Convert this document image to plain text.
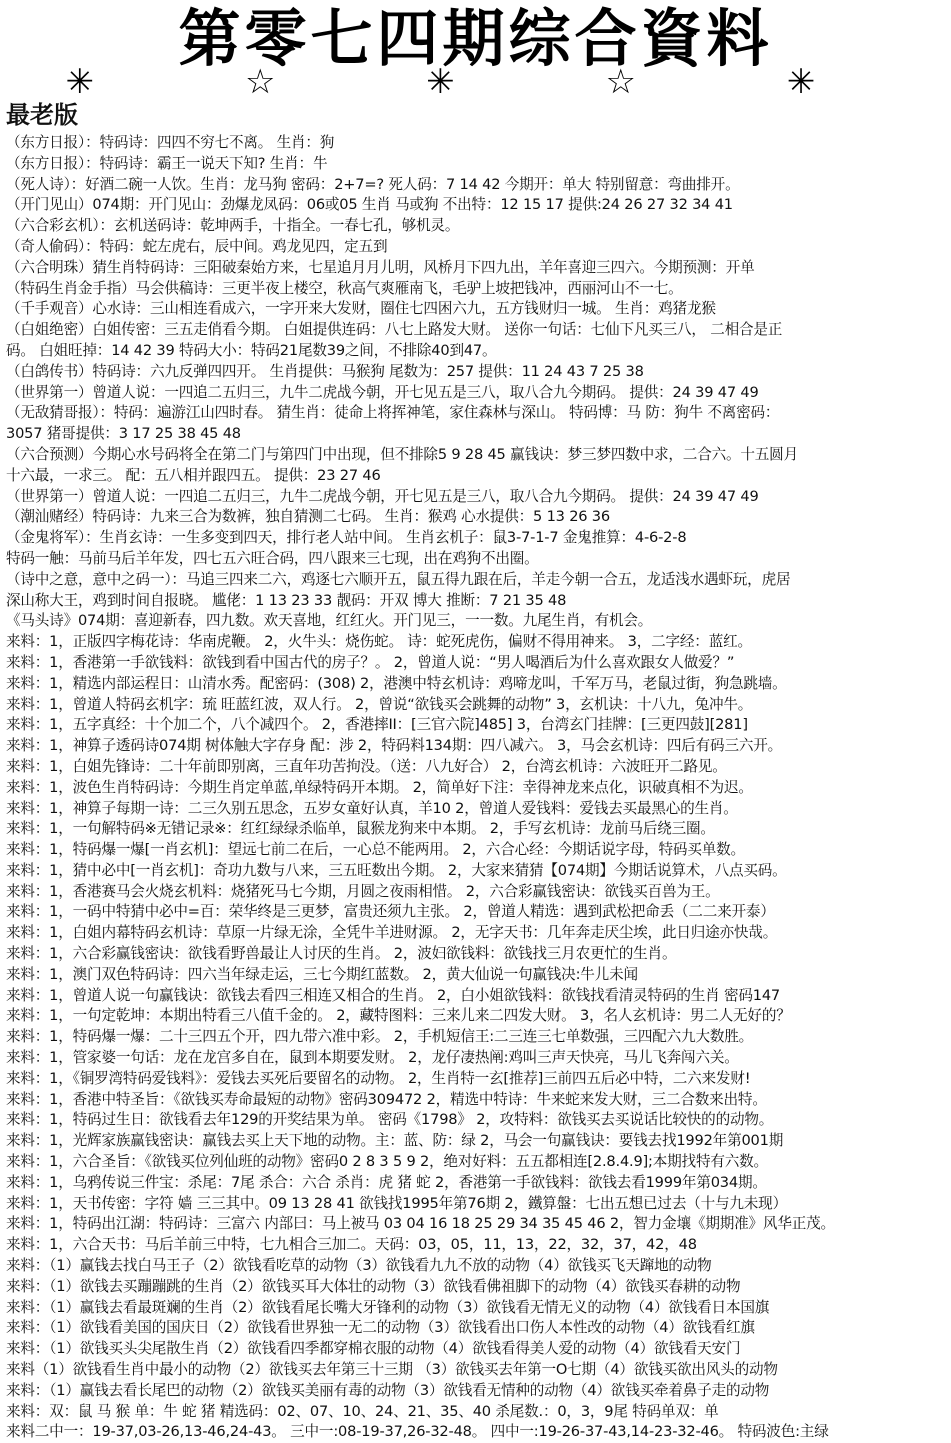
第零七四期综合資料
✳ ☆ ✳ ☆ ✳
最老版
（东方日报）：特码诗：四四不穷七不离。 生肖：狗
（东方日报）：特码诗：霸王一说天下知? 生肖：牛
（死人诗）：好酒二碗一人饮。生肖：龙马狗 密码：2+7=? 死人码：7 14 42 今期开：单大 特别留意：弯曲排开。
（开门见山）074期：开门见山：劲爆龙凤码：06或05 生肖 马或狗 不出特：12 15 17 提供:24 26 27 32 34 41
（六合彩玄机）：玄机送码诗：乾坤两手，十指全。一春七孔，够机灵。
（奇人偷码）：特码：蛇左虎右，辰中间。鸡龙见四，定五到
（六合明珠）猜生肖特码诗：三阳破秦始方来，七星追月月儿明，风桥月下四九出，羊年喜迎三四六。今期预测：开单
（特码生肖金手指）马会供稿诗：三更半夜上楼空，秋高气爽雁南飞，毛驴上坡把钱冲，西丽河山不一七。
（千手观音）心水诗：三山相连看成六，一字开来大发财，圈住七四困六九，五方钱财归一城。 生肖：鸡猪龙猴
（白姐绝密）白姐传密：三五走俏看今期。 白姐提供连码：八七上路发大财。 送你一句话：七仙下凡买三八， 二相合是正
码。 白姐旺掉：14 42 39 特码大小：特码21尾数39之间，不排除40到47。
（白鸽传书）特码诗：六九反弹四四开。 生肖提供：马猴狗 尾数为：257 提供：11 24 43 7 25 38
（世界第一）曾道人说：一四追二五归三，九牛二虎战今朝，开七见五是三八，取八合九今期码。 提供：24 39 47 49
（无敌猜哥报）：特码：遍游江山四时春。 猜生肖：徒命上将挥神笔，家住森林与深山。 特码博：马 防：狗牛 不离密码：
3057 猪哥提供：3 17 25 38 45 48
（六合预测）今期心水号码将全在第二门与第四门中出现，但不排除5 9 28 45 赢钱诀：梦三梦四数中求，二合六。十五圆月
十六最，一求三。 配：五八相并跟四五。 提供：23 27 46
（世界第一）曾道人说：一四追二五归三，九牛二虎战今朝，开七见五是三八，取八合九今期码。 提供：24 39 47 49
（潮汕赌经）特码诗：九来三合为数裤，独自猜测二七码。 生肖：猴鸡 心水提供：5 13 26 36
（金鬼将军）：生肖玄诗：一生多变到四天，排行老人站中间。 生肖玄机子：鼠3-7-1-7 金鬼推算：4-6-2-8
特码一触：马前马后羊年发，四七五六旺合码，四八跟来三七现，出在鸡狗不出圈。
（诗中之意，意中之码一）：马追三四来二六，鸡逐七六顺开五，鼠五得九跟在后，羊走今朝一合五，龙适浅水遇虾玩，虎居
深山称大王，鸡到时间自报晓。 尴佬：1 13 23 33 靓码：开双 博大 推断：7 21 35 48
《马头诗》074期：喜迎新春，四九数。欢天喜地，红红火。开门见三，一一数。九尾生肖，有机会。
来料：1，正版四字梅花诗：华南虎鞭。 2，火牛头：烧伤蛇。 诗：蛇死虎伤，偏财不得用神来。 3，二字经：蓝红。
来料：1，香港第一手欲钱料：欲钱到看中国古代的房子？。 2，曾道人说：“男人喝酒后为什么喜欢跟女人做爱？”
来料：1，精选内部运程日：山清水秀。配密码：(308) 2，港澳中特玄机诗：鸡啼龙叫，千军万马，老鼠过街，狗急跳墙。
来料：1，曾道人特码玄机字：琉 旺蓝红波，双人行。 2，曾说“欲钱买会跳舞的动物” 3，玄机诀：十八九，兔冲牛。
来料：1，五字真经：十个加二个，八个减四个。 2，香港摔II：[三官六院]485] 3，台湾玄门挂牌：[三更四鼓][281]
来料：1，神算子透码诗074期 树体触大字存身 配：涉 2，特码料134期：四八减六。 3，马会玄机诗：四后有码三六开。
来料：1，白姐先锋诗：二十年前即别离，三直年功苦拘没。（送：八九好合） 2，台湾玄机诗：六波旺开二路见。
来料：1，波色生肖特码诗：今期生肖定单蓝,单绿特码开本期。 2，简单好下注：幸得神龙来点化，识破真相不为迟。
来料：1，神算子每期一诗：二三久别五思念，五岁女童好认真，羊10 2，曾道人爱钱料：爱钱去买最黑心的生肖。
来料：1，一句解特码※无错记录※：红红绿绿杀临单，鼠猴龙狗来中本期。 2，手写玄机诗：龙前马后绕三圈。
来料：1，特码爆一爆[一肖玄机]：望远七前二在后，一心总不能两用。 2，六合心经：今期话说字母，特码买单数。
来料：1，猜中必中[一肖玄机]：奇功九数与八来，三五旺数出今期。 2，大家来猜猜【074期】今期话说算术，八点买码。
来料：1，香港赛马会火烧玄机料：烧猪死马七今期，月圆之夜雨相惜。 2，六合彩赢钱密诀：欲钱买百兽为王。
来料：1，一码中特猜中必中=百：荣华终是三更梦，富贵还须九主张。 2，曾道人精选：遇到武松把命丢（二二来开泰）
来料：1，白姐内幕特码玄机诗：草原一片绿无涂，全凭牛羊进财源。 2，无字天书：几年奔走厌尘埃，此日归途亦快哉。
来料：1，六合彩赢钱密诀：欲钱看野兽最让人讨厌的生肖。 2，波妇欲钱料：欲钱找三月农更忙的生肖。
来料：1，澳门双色特码诗：四六当年绿走运，三七今期红蓝数。 2，黄大仙说一句赢钱决:牛儿未闻
来料：1，曾道人说一句赢钱诀：欲钱去看四三相连又相合的生肖。 2，白小姐欲钱料：欲钱找看清灵特码的生肖 密码147
来料：1，一句定乾坤：本期出特看三八值千金的。 2，藏特图料：三来儿来二四发大财。 3，名人玄机诗：男二人无好的？
来料：1，特码爆一爆：二十三四五个开，四九带六准中彩。 2，手机短信王:二三连三七单数强，三四配六九大数胜。
来料：1，管家婆一句话：龙在龙宫多自在，鼠到本期要发财。 2，龙仔凄热阐:鸡叫三声天快亮，马儿飞奔闯六关。
来料：1，《铜罗湾特码爱钱料》：爱钱去买死后要留名的动物。 2，生肖特一玄[推荐]三前四五后必中特，二六来发财!
来料：1，香港中特圣旨：《欲钱买寿命最短的动物》密码309472 2，精选中特诗：牛来蛇来发大财，三二合数来出特。
来料：1，特码过生日：欲钱看去年129的开奖结果为单。 密码《1798》 2，攻特料：欲钱买去买说话比较快的的动物。
来料：1，光辉家族赢钱密诀：赢钱去买上天下地的动物。主：蓝、防：绿 2，马会一句赢钱诀：要钱去找1992年第001期
来料：1，六合圣旨：《欲钱买位列仙班的动物》密码0 2 8 3 5 9 2，绝对好料：五五都相连[2.8.4.9];本期找特有六数。
来料：1，乌鸦传说三件宝：杀尾：7尾 杀合：六合 杀肖：虎 猪 蛇 2，香港第一手欲钱料：欲钱去看1999年第034期。
来料：1，天书传密：字符 嫱 三三其中。09 13 28 41 欲钱找1995年第76期 2，鐵算盤：七出五想已过去（十与九未现）
来料：1，特码出江湖：特码诗：三富六 内部曰：马上被马 03 04 16 18 25 29 34 35 45 46 2，智力金壤《期期准》风华正茂。
来料：1，六合天书：马后羊前三中特，七九相合三加二。天码：03，05，11，13，22，32，37，42，48
来料：（1）赢钱去找白马王子（2）欲钱看吃草的动物（3）欲钱看九九不放的动物（4）欲钱买飞天蹿地的动物
来料：（1）欲钱去买蹦蹦跳的生肖（2）欲钱买耳大体壮的动物（3）欲钱看佛祖脚下的动物（4）欲钱买春耕的动物
来料：（1）赢钱去看最斑斓的生肖（2）欲钱看尾长嘴大牙锋利的动物（3）欲钱看无情无义的动物（4）欲钱看日本国旗
来料：（1）欲钱看美国的国庆日（2）欲钱看世界独一无二的动物（3）欲钱看出口伤人本性改的动物（4）欲钱看红旗
来料：（1）欲钱买头尖尾散生肖（2）欲钱看四季都穿棉衣服的动物（4）欲钱看得美人爱的动物（4）欲钱看天安门
来料（1）欲钱看生肖中最小的动物（2）欲钱买去年第三十三期 （3）欲钱买去年第一O七期（4）欲钱买欲出风头的动物
来料：（1）赢钱去看长尾巴的动物（2）欲钱买美丽有毒的动物（3）欲钱看无情种的动物（4）欲钱买牵着鼻子走的动物
来料：双：鼠 马 猴 单：牛 蛇 猪 精选码：02、07、10、24、21、35、40 杀尾数.：0，3，9尾 特码单双：单
来料二中一：19-37,03-26,13-46,24-43。 三中一:08-19-37,26-32-48。 四中一:19-26-37-43,14-23-32-46。 特码波色:主绿
